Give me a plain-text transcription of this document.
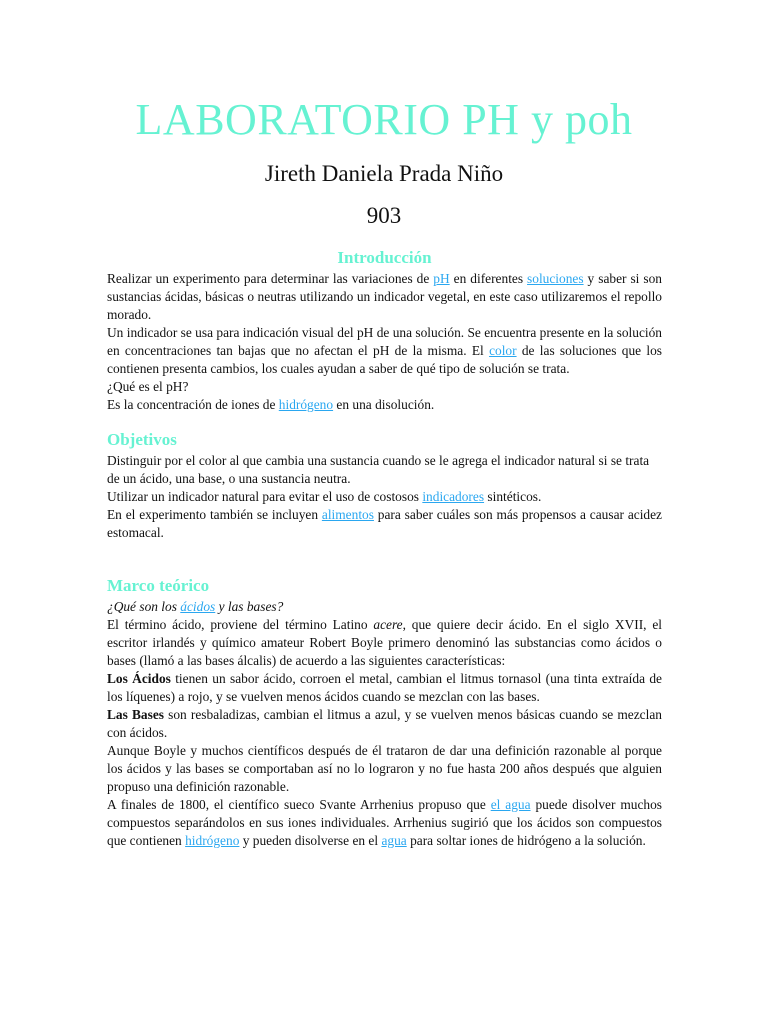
LABORATORIO PH y poh
Jireth Daniela Prada Niño
903
Introducción

Realizar un experimento para determinar las variaciones de pH en diferentes soluciones y saber si son sustancias ácidas, básicas o neutras utilizando un indicador vegetal, en este caso utilizaremos el repollo morado.

Un indicador se usa para indicación visual del pH de una solución. Se encuentra presente en la solución en concentraciones tan bajas que no afectan el pH de la misma. El color de las soluciones que los contienen presenta cambios, los cuales ayudan a saber de qué tipo de solución se trata.

¿Qué es el pH?

Es la concentración de iones de hidrógeno en una disolución.

Objetivos

Distinguir por el color al que cambia una sustancia cuando se le agrega el indicador natural si se trata de un ácido, una base, o una sustancia neutra.

Utilizar un indicador natural para evitar el uso de costosos indicadores sintéticos.

En el experimento también se incluyen alimentos para saber cuáles son más propensos a causar acidez estomacal.

Marco teórico

¿Qué son los ácidos y las bases?

El término ácido, proviene del término Latino acere, que quiere decir ácido. En el siglo XVII, el escritor irlandés y químico amateur Robert Boyle primero denominó las substancias como ácidos o bases (llamó a las bases álcalis) de acuerdo a las siguientes características:

Los Ácidos tienen un sabor ácido, corroen el metal, cambian el litmus tornasol (una tinta extraída de los líquenes) a rojo, y se vuelven menos ácidos cuando se mezclan con las bases.

Las Bases son resbaladizas, cambian el litmus a azul, y se vuelven menos básicas cuando se mezclan con ácidos.

Aunque Boyle y muchos científicos después de él trataron de dar una definición razonable al porque los ácidos y las bases se comportaban así no lo lograron y no fue hasta 200 años después que alguien propuso una definición razonable.

A finales de 1800, el científico sueco Svante Arrhenius propuso que el agua puede disolver muchos compuestos separándolos en sus iones individuales. Arrhenius sugirió que los ácidos son compuestos que contienen hidrógeno y pueden disolverse en el agua para soltar iones de hidrógeno a la solución.
